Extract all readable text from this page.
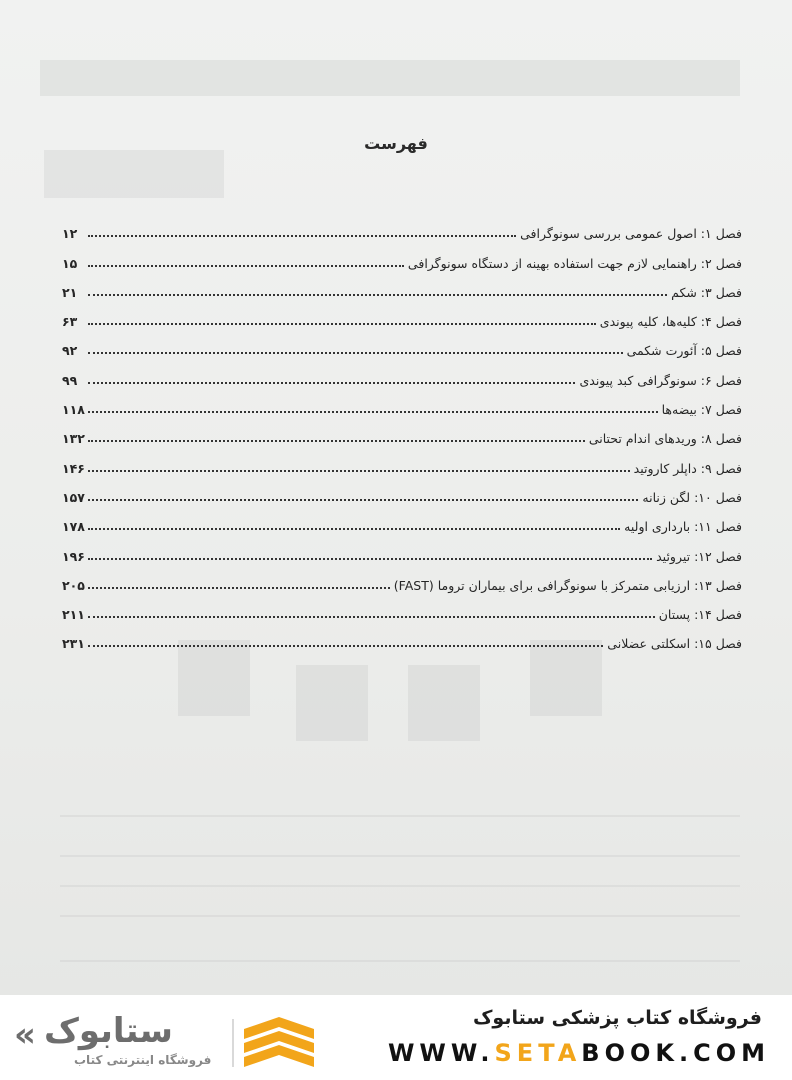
فهرست
فصل ۱: اصول عمومی بررسی سونوگرافی
۱۲
فصل ۲: راهنمایی لازم جهت استفاده بهینه از دستگاه سونوگرافی
۱۵
فصل ۳: شکم
۲۱
فصل ۴: کلیه‌ها، کلیه پیوندی
۶۳
فصل ۵: آئورت شکمی
۹۲
فصل ۶: سونوگرافی کبد پیوندی
۹۹
فصل ۷: بیضه‌ها
۱۱۸
فصل ۸: وریدهای اندام تحتانی
۱۳۲
فصل ۹: داپلر کاروتید
۱۴۶
فصل ۱۰: لگن زنانه
۱۵۷
فصل ۱۱: بارداری اولیه
۱۷۸
فصل ۱۲: تیروئید
۱۹۶
فصل ۱۳: ارزیابی متمرکز با سونوگرافی برای بیماران تروما (FAST)
۲۰۵
فصل ۱۴: پستان
۲۱۱
فصل ۱۵: اسکلتی عضلانی
۲۳۱
« ستابوک
فروشگاه اینترنتی کتاب
فروشگاه کتاب پزشکی ستابوک
WWW.SETABOOK.COM
